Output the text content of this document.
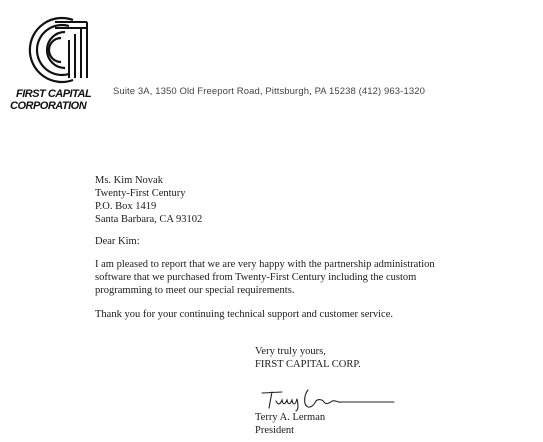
FIRST CAPITAL
CORPORATION
Suite 3A, 1350 Old Freeport Road, Pittsburgh, PA 15238 (412) 963-1320
Ms. Kim Novak
Twenty-First Century
P.O. Box 1419
Santa Barbara, CA 93102
Dear Kim:
I am pleased to report that we are very happy with the partnership administration
software that we purchased from Twenty-First Century including the custom
programming to meet our special requirements.
Thank you for your continuing technical support and customer service.
Very truly yours,
FIRST CAPITAL CORP.
Terry A. Lerman
President
